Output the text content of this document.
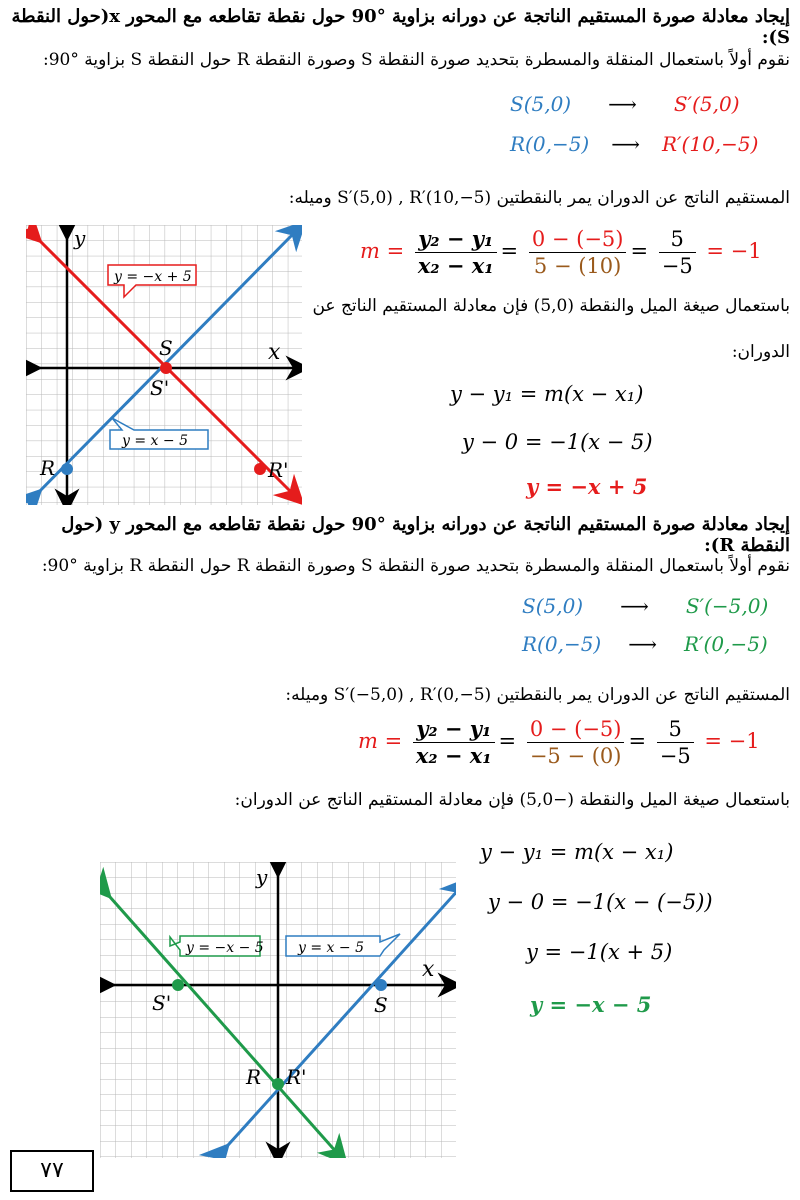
إيجاد معادلة صورة المستقيم الناتجة عن دورانه بزاوية °90 حول نقطة تقاطعه مع المحور x(حول النقطة S):
نقوم أولاً باستعمال المنقلة والمسطرة بتحديد صورة النقطة S وصورة النقطة R حول النقطة S بزاوية °90:
S(5,0) ⟶ S′(5,0)
R(0,−5) ⟶ R′(10,−5)
المستقيم الناتج عن الدوران يمر بالنقطتين S′(5,0) , R′(10,−5) وميله:
$m = \frac{\text{y₂ − y₁}}{\text{x₂ − x₁}} = \frac{0 - (-5)}{5 - (10)} = \frac{5}{-5} = -1$
باستعمال صيغة الميل والنقطة (5,0) فإن معادلة المستقيم الناتج عن
الدوران:
y − y₁ = m(x − x₁)
y − 0 = −1(x − 5)
y = −x + 5
y = −x + 5
y = x − 5
y
x
S
S'
R	R'
إيجاد معادلة صورة المستقيم الناتجة عن دورانه بزاوية °90 حول نقطة تقاطعه مع المحور y (حول النقطة R):
نقوم أولاً باستعمال المنقلة والمسطرة بتحديد صورة النقطة S وصورة النقطة R حول النقطة R بزاوية °90:
S(5,0) ⟶ S′(−5,0)
R(0,−5) ⟶ R′(0,−5)
المستقيم الناتج عن الدوران يمر بالنقطتين S′(−5,0) , R′(0,−5) وميله:
$m = \frac{\text{y₂ − y₁}}{\text{x₂ − x₁}} = \frac{0 - (-5)}{-5 - (0)} = \frac{5}{-5} = -1$
باستعمال صيغة الميل والنقطة (−5,0) فإن معادلة المستقيم الناتج عن الدوران:
y − y₁ = m(x − x₁)
y − 0 = −1(x − (−5))
y = −1(x + 5)
y = −x − 5
y = −x − 5 y = x − 5
y
x
S'	S
R R'
٧٧
